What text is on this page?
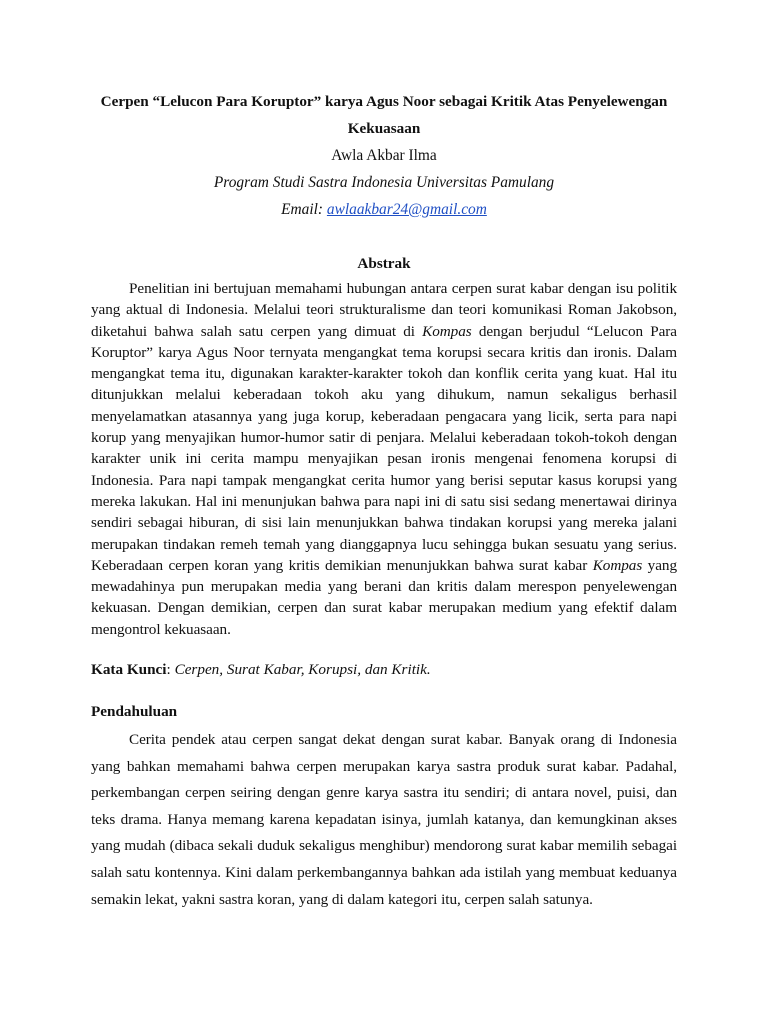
Cerpen “Lelucon Para Koruptor” karya Agus Noor sebagai Kritik Atas Penyelewengan Kekuasaan

Awla Akbar Ilma

Program Studi Sastra Indonesia Universitas Pamulang

Email: awlaakbar24@gmail.com

Abstrak

Penelitian ini bertujuan memahami hubungan antara cerpen surat kabar dengan isu politik yang aktual di Indonesia. Melalui teori strukturalisme dan teori komunikasi Roman Jakobson, diketahui bahwa salah satu cerpen yang dimuat di Kompas dengan berjudul “Lelucon Para Koruptor” karya Agus Noor ternyata mengangkat tema korupsi secara kritis dan ironis. Dalam mengangkat tema itu, digunakan karakter-karakter tokoh dan konflik cerita yang kuat. Hal itu ditunjukkan melalui keberadaan tokoh aku yang dihukum, namun sekaligus berhasil menyelamatkan atasannya yang juga korup, keberadaan pengacara yang licik, serta para napi korup yang menyajikan humor-humor satir di penjara. Melalui keberadaan tokoh-tokoh dengan karakter unik ini cerita mampu menyajikan pesan ironis mengenai fenomena korupsi di Indonesia. Para napi tampak mengangkat cerita humor yang berisi seputar kasus korupsi yang mereka lakukan. Hal ini menunjukan bahwa para napi ini di satu sisi sedang menertawai dirinya sendiri sebagai hiburan, di sisi lain menunjukkan bahwa tindakan korupsi yang mereka jalani merupakan tindakan remeh temah yang dianggapnya lucu sehingga bukan sesuatu yang serius. Keberadaan cerpen koran yang kritis demikian menunjukkan bahwa surat kabar Kompas yang mewadahinya pun merupakan media yang berani dan kritis dalam merespon penyelewengan kekuasan. Dengan demikian, cerpen dan surat kabar merupakan medium yang efektif dalam mengontrol kekuasaan.

Kata Kunci: Cerpen, Surat Kabar, Korupsi, dan Kritik.

Pendahuluan

Cerita pendek atau cerpen sangat dekat dengan surat kabar. Banyak orang di Indonesia yang bahkan memahami bahwa cerpen merupakan karya sastra produk surat kabar. Padahal, perkembangan cerpen seiring dengan genre karya sastra itu sendiri; di antara novel, puisi, dan teks drama. Hanya memang karena kepadatan isinya, jumlah katanya, dan kemungkinan akses yang mudah (dibaca sekali duduk sekaligus menghibur) mendorong surat kabar memilih sebagai salah satu kontennya. Kini dalam perkembangannya bahkan ada istilah yang membuat keduanya semakin lekat, yakni sastra koran, yang di dalam kategori itu, cerpen salah satunya.
